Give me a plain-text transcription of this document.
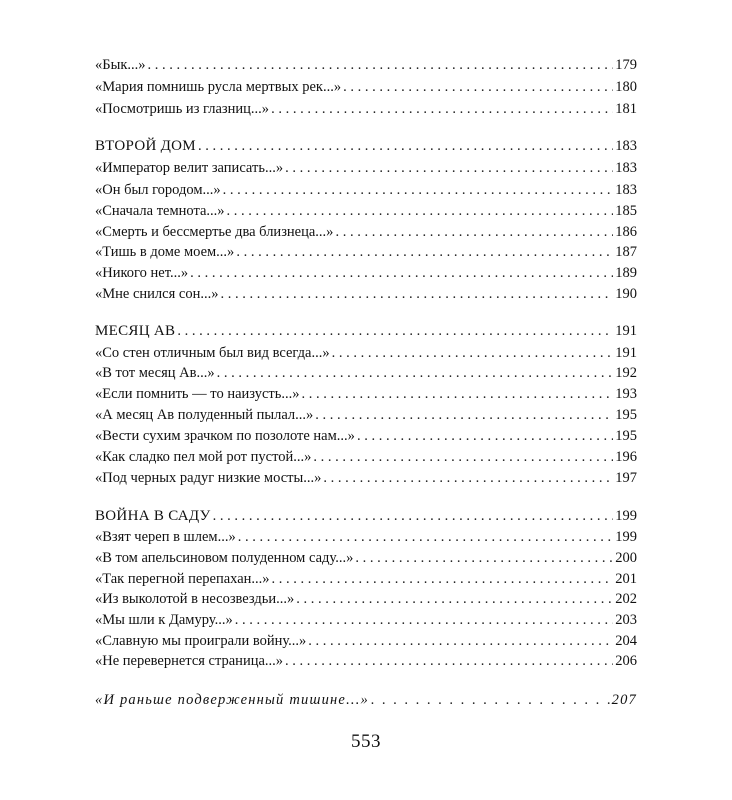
«Бык...» . . .	179
«Мария помнишь русла мертвых рек...» . . .	180
«Посмотришь из глазниц...» . . .	181
ВТОРОЙ ДОМ . . .	183
«Император велит записать...» . . .	183
«Он был городом...» . . .	183
«Сначала темнота...» . . .	185
«Смерть и бессмертье два близнеца...» . . .	186
«Тишь в доме моем...» . . .	187
«Никого нет...» . . .	189
«Мне снился сон...» . . .	190
МЕСЯЦ АВ . . .	191
«Со стен отличным был вид всегда...» . . .	191
«В тот месяц Ав...» . . .	192
«Если помнить — то наизусть...» . . .	193
«А месяц Ав полуденный пылал...» . . .	195
«Вести сухим зрачком по позолоте нам...» . . .	195
«Как сладко пел мой рот пустой...» . . .	196
«Под черных радуг низкие мосты...» . . .	197
ВОЙНА В САДУ . . .	199
«Взят череп в шлем...» . . .	199
«В том апельсиновом полуденном саду...» . . .	200
«Так перегной перепахан...» . . .	201
«Из выколотой в несозвездьи...» . . .	202
«Мы шли к Дамуру...» . . .	203
«Славную мы проиграли войну...» . . .	204
«Не перевернется страница...» . . .	206
«И раньше подверженный тишине...» . . .	207
553
